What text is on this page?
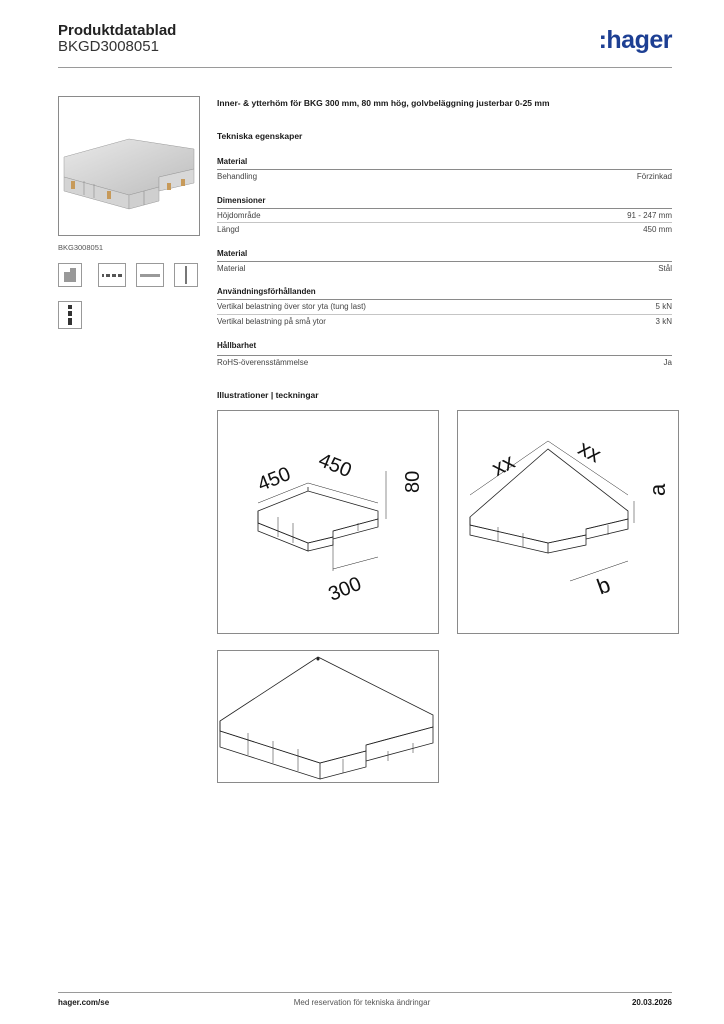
Produktdatablad
BKGD3008051	:hager
BKG3008051
Inner- & ytterhöm för BKG 300 mm, 80 mm hög, golvbeläggning justerbar 0-25 mm
Tekniska egenskaper
Material
Behandling	Förzinkad
Dimensioner
Höjdområde	91 - 247 mm
Längd	450 mm
Material
Material	Stål
Användningsförhållanden
Vertikal belastning över stor yta (tung last)	5 kN
Vertikal belastning på små ytor	3 kN
Hållbarhet
RoHS-överensstämmelse	Ja
Illustrationer | teckningar
450 450 80
300
xx	xx
a
b
hager.com/se	Med reservation för tekniska ändringar	20.03.2026
